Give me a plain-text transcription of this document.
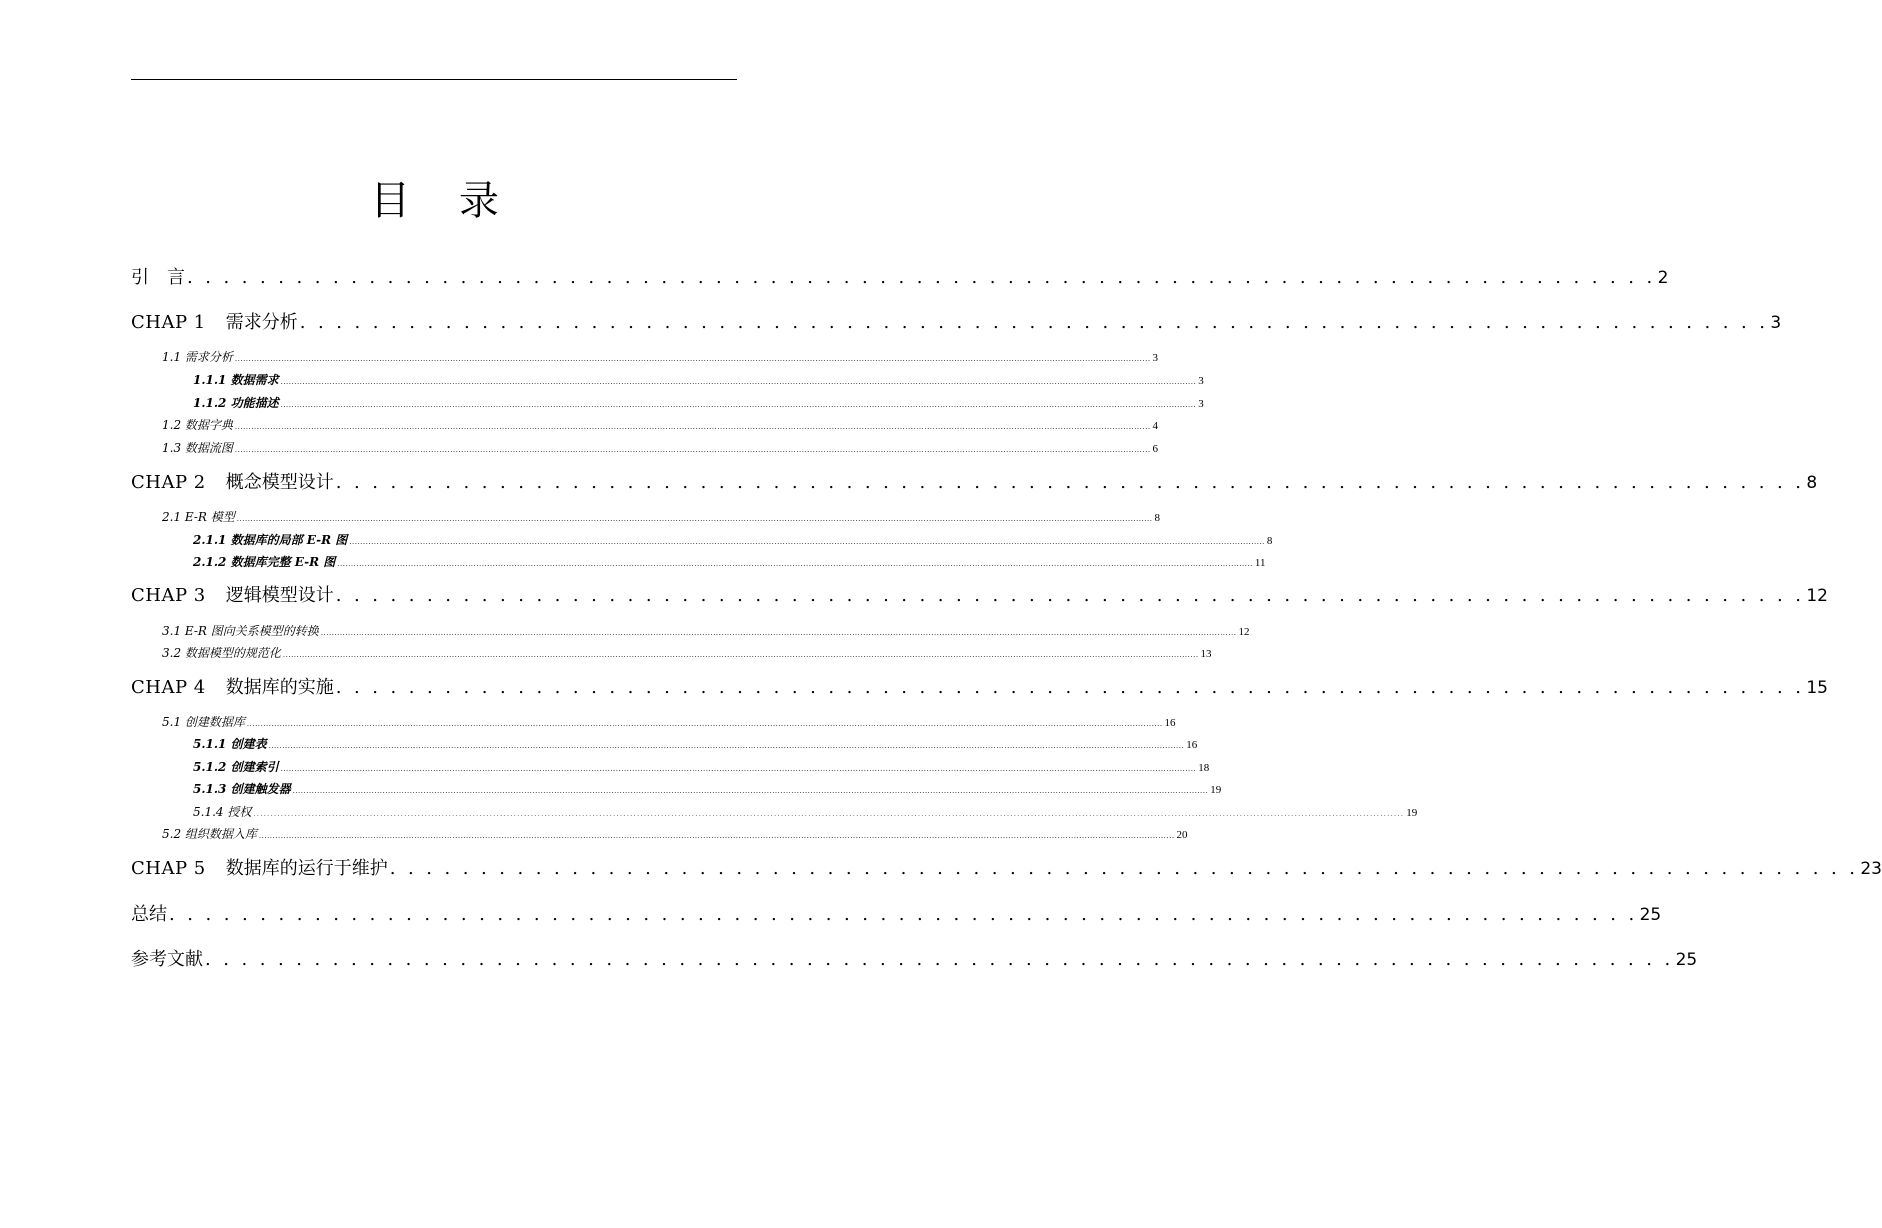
目 录
引　言 . . . . . . . . . . . . . . . . . . . . . . . . . . . . . . . . . . . . . . . . . . . . . . . . . . . . . . . . . . . . . . . . . . . . . . . . . . . . . . . . . 2
CHAP 1 需求分析 . . . . . . . . . . . . . . . . . . . . . . . . . . . . . . . . . . . . . . . . . . . . . . . . . . . . . . . . . . . . . . . . . . . . . . . . . . . . . . . . . 3
1.1 需求分析 ................................................................................................................................................................................................................................................................................................................................................ 3
1.1.1 数据需求 ................................................................................................................................................................................................................................................................................................................................................ 3
1.1.2 功能描述 ................................................................................................................................................................................................................................................................................................................................................ 3
1.2 数据字典 ................................................................................................................................................................................................................................................................................................................................................ 4
1.3 数据流图 ................................................................................................................................................................................................................................................................................................................................................ 6
CHAP 2 概念模型设计 . . . . . . . . . . . . . . . . . . . . . . . . . . . . . . . . . . . . . . . . . . . . . . . . . . . . . . . . . . . . . . . . . . . . . . . . . . . . . . . . . 8
2.1 E-R 模型 ................................................................................................................................................................................................................................................................................................................................................ 8
2.1.1 数据库的局部 E-R 图 ................................................................................................................................................................................................................................................................................................................................................ 8
2.1.2 数据库完整 E-R 图 ................................................................................................................................................................................................................................................................................................................................................ 11
CHAP 3 逻辑模型设计 . . . . . . . . . . . . . . . . . . . . . . . . . . . . . . . . . . . . . . . . . . . . . . . . . . . . . . . . . . . . . . . . . . . . . . . . . . . . . . . . . 12
3.1 E-R 图向关系模型的转换 ................................................................................................................................................................................................................................................................................................................................................ 12
3.2 数据模型的规范化 ................................................................................................................................................................................................................................................................................................................................................ 13
CHAP 4 数据库的实施 . . . . . . . . . . . . . . . . . . . . . . . . . . . . . . . . . . . . . . . . . . . . . . . . . . . . . . . . . . . . . . . . . . . . . . . . . . . . . . . . . 15
5.1 创建数据库 ................................................................................................................................................................................................................................................................................................................................................ 16
5.1.1 创建表 ................................................................................................................................................................................................................................................................................................................................................ 16
5.1.2 创建索引 ................................................................................................................................................................................................................................................................................................................................................ 18
5.1.3 创建触发器 ................................................................................................................................................................................................................................................................................................................................................ 19
5.1.4 授权 ................................................................................................................................................................................................................................................................................................................................................ 19
5.2 组织数据入库 ................................................................................................................................................................................................................................................................................................................................................ 20
CHAP 5 数据库的运行于维护 . . . . . . . . . . . . . . . . . . . . . . . . . . . . . . . . . . . . . . . . . . . . . . . . . . . . . . . . . . . . . . . . . . . . . . . . . . . . . . . . . 23
总结 . . . . . . . . . . . . . . . . . . . . . . . . . . . . . . . . . . . . . . . . . . . . . . . . . . . . . . . . . . . . . . . . . . . . . . . . . . . . . . . . . 25
参考文献 . . . . . . . . . . . . . . . . . . . . . . . . . . . . . . . . . . . . . . . . . . . . . . . . . . . . . . . . . . . . . . . . . . . . . . . . . . . . . . . . . 25
